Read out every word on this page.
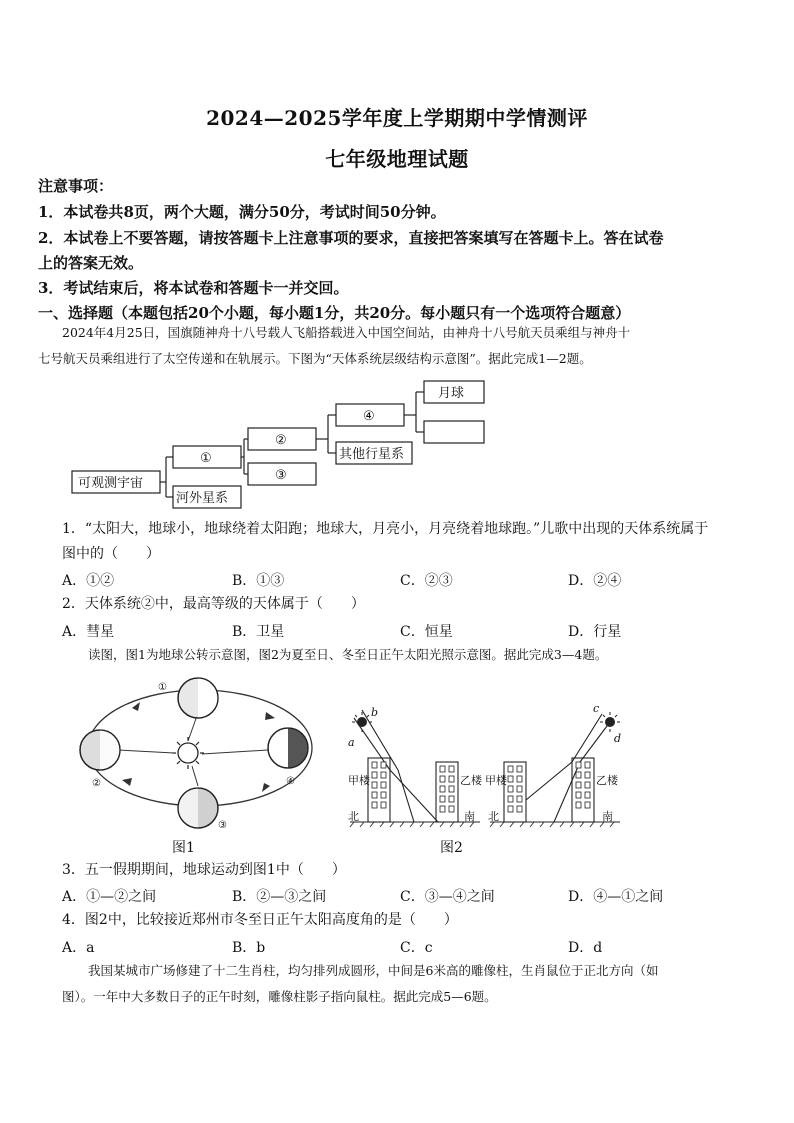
2024—2025学年度上学期期中学情测评
七年级地理试题
注意事项：
1．本试卷共8页，两个大题，满分50分，考试时间50分钟。
2．本试卷上不要答题，请按答题卡上注意事项的要求，直接把答案填写在答题卡上。答在试卷
上的答案无效。
3．考试结束后，将本试卷和答题卡一并交回。
一、选择题（本题包括20个小题，每小题1分，共20分。每小题只有一个选项符合题意）
2024年4月25日，国旗随神舟十八号载人飞船搭载进入中国空间站，由神舟十八号航天员乘组与神舟十
七号航天员乘组进行了太空传递和在轨展示。下图为“天体系统层级结构示意图”。据此完成1—2题。
可观测宇宙
①
河外星系
②
③
④
其他行星系
月球
1．“太阳大，地球小，地球绕着太阳跑；地球大，月亮小，月亮绕着地球跑。”儿歌中出现的天体系统属于
图中的（　　）
A．①②	B．①③	C．②③	D．②④
2．天体系统②中，最高等级的天体属于（　　）
A．彗星	B．卫星	C．恒星	D．行星
读图，图1为地球公转示意图，图2为夏至日、冬至日正午太阳光照示意图。据此完成3—4题。
①
②
③
④
图1
a
b	c
d
甲楼	乙楼 甲楼	乙楼
北	南 北	南
图2
3．五一假期期间，地球运动到图1中（　　）
A．①—②之间	B．②—③之间	C．③—④之间	D．④—①之间
4．图2中，比较接近郑州市冬至日正午太阳高度角的是（　　）
A．a	B．b	C．c	D．d
我国某城市广场修建了十二生肖柱，均匀排列成圆形，中间是6米高的雕像柱，生肖鼠位于正北方向（如
图）。一年中大多数日子的正午时刻，雕像柱影子指向鼠柱。据此完成5—6题。
